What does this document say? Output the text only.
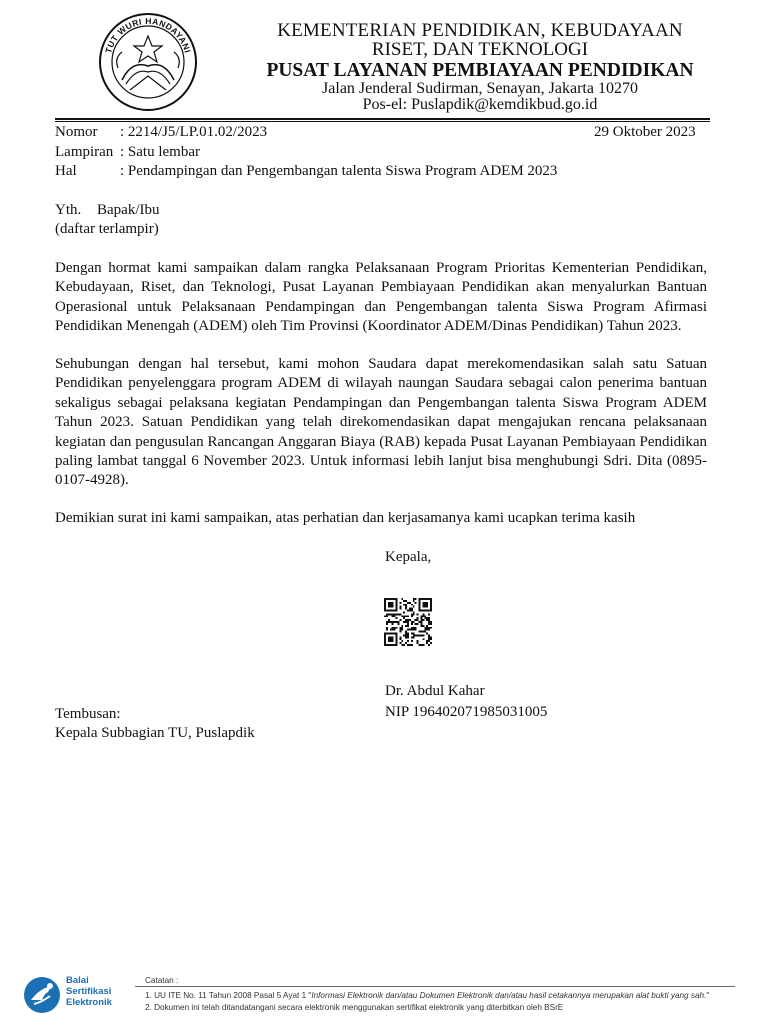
TUT WURI HANDAYANI
KEMENTERIAN PENDIDIKAN, KEBUDAYAAN
RISET, DAN TEKNOLOGI
PUSAT LAYANAN PEMBIAYAAN PENDIDIKAN
Jalan Jenderal Sudirman, Senayan, Jakarta 10270
Pos-el: Puslapdik@kemdikbud.go.id
Nomor : 2214/J5/LP.01.02/2023	29 Oktober 2023
Lampiran : Satu lembar
Hal	: Pendampingan dan Pengembangan talenta Siswa Program ADEM 2023
Yth. Bapak/Ibu
(daftar terlampir)
Dengan hormat kami sampaikan dalam rangka Pelaksanaan Program Prioritas Kementerian Pendidikan,
Kebudayaan, Riset, dan Teknologi, Pusat Layanan Pembiayaan Pendidikan akan menyalurkan Bantuan
Operasional untuk Pelaksanaan Pendampingan dan Pengembangan talenta Siswa Program Afirmasi
Pendidikan Menengah (ADEM) oleh Tim Provinsi (Koordinator ADEM/Dinas Pendidikan) Tahun 2023.
Sehubungan dengan hal tersebut, kami mohon Saudara dapat merekomendasikan salah satu Satuan
Pendidikan penyelenggara program ADEM di wilayah naungan Saudara sebagai calon penerima bantuan
sekaligus sebagai pelaksana kegiatan Pendampingan dan Pengembangan talenta Siswa Program ADEM
Tahun 2023. Satuan Pendidikan yang telah direkomendasikan dapat mengajukan rencana pelaksanaan
kegiatan dan pengusulan Rancangan Anggaran Biaya (RAB) kepada Pusat Layanan Pembiayaan Pendidikan
paling lambat tanggal 6 November 2023. Untuk informasi lebih lanjut bisa menghubungi Sdri. Dita (0895-
0107-4928).
Demikian surat ini kami sampaikan, atas perhatian dan kerjasamanya kami ucapkan terima kasih
Kepala,
Dr. Abdul Kahar
NIP 196402071985031005
Tembusan:
Kepala Subbagian TU, Puslapdik
Balai
Sertifikasi
Elektronik
Catatan :
1. UU ITE No. 11 Tahun 2008 Pasal 5 Ayat 1 "Informasi Elektronik dan/atau Dokumen Elektronik dan/atau hasil cetakannya merupakan alat bukti yang sah."
2. Dokumen ini telah ditandatangani secara elektronik menggunakan sertifikat elektronik yang diterbitkan oleh BSrE
